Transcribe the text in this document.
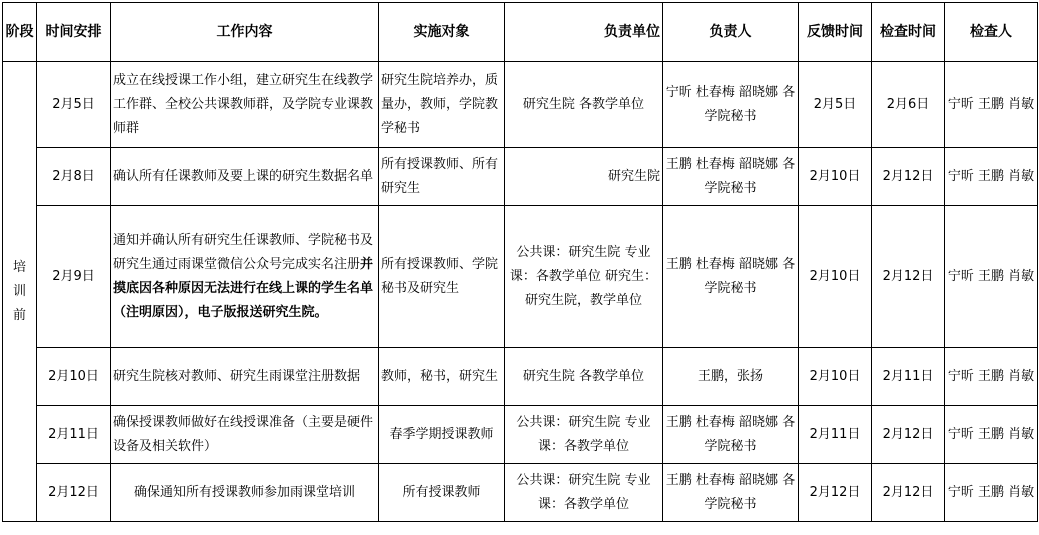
阶段	时间安排	工作内容	实施对象	负责单位	负责人	反馈时间	检查时间	检查人

培
训
前	2月5日	成立在线授课工作小组，建立研究生在线教学工作群、全校公共课教师群，及学院专业课教师群	研究生院培养办，质量办，教师，学院教学秘书	研究生院 各教学单位	宁昕 杜春梅 韶晓娜 各学院秘书	2月5日	2月6日	宁昕 王鹏 肖敏
	2月8日	确认所有任课教师及要上课的研究生数据名单	所有授课教师、所有研究生	研究生院	王鹏 杜春梅 韶晓娜 各学院秘书	2月10日	2月12日	宁昕 王鹏 肖敏
	2月9日	通知并确认所有研究生任课教师、学院秘书及研究生通过雨课堂微信公众号完成实名注册并摸底因各种原因无法进行在线上课的学生名单（注明原因），电子版报送研究生院。	所有授课教师、学院秘书及研究生	公共课：研究生院 专业课：各教学单位 研究生：研究生院，教学单位	王鹏 杜春梅 韶晓娜 各学院秘书	2月10日	2月12日	宁昕 王鹏 肖敏
	2月10日	研究生院核对教师、研究生雨课堂注册数据	教师，秘书，研究生	研究生院 各教学单位	王鹏，张扬	2月10日	2月11日	宁昕 王鹏 肖敏
	2月11日	确保授课教师做好在线授课准备（主要是硬件设备及相关软件）	春季学期授课教师	公共课：研究生院 专业课：各教学单位	王鹏 杜春梅 韶晓娜 各学院秘书	2月11日	2月12日	宁昕 王鹏 肖敏
	2月12日	确保通知所有授课教师参加雨课堂培训	所有授课教师	公共课：研究生院 专业课：各教学单位	王鹏 杜春梅 韶晓娜 各学院秘书	2月12日	2月12日	宁昕 王鹏 肖敏
